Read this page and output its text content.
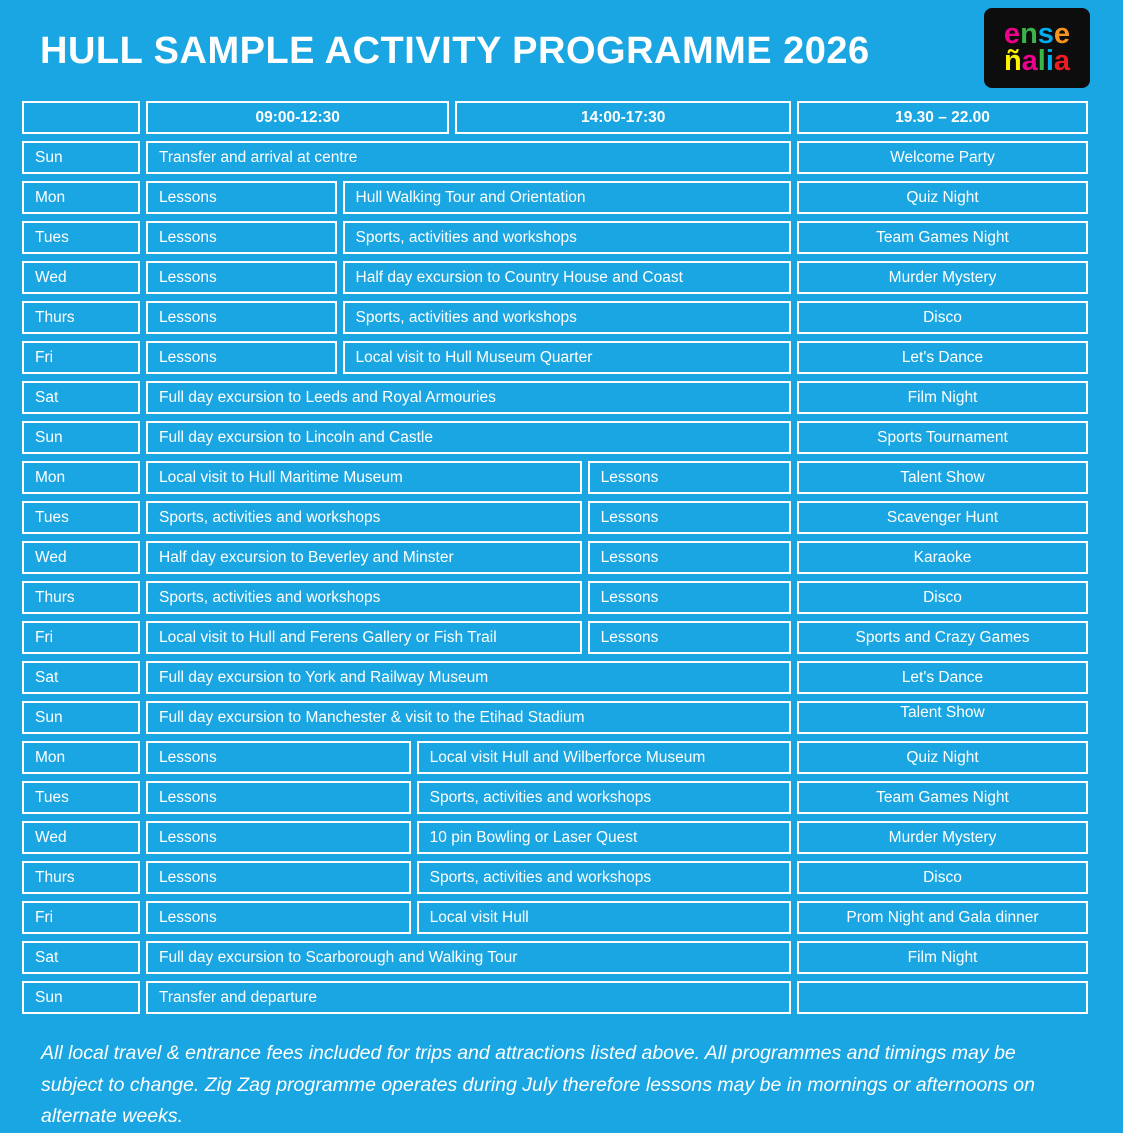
HULL SAMPLE ACTIVITY PROGRAMME 2026	ense
ñalia
09:00-12:30	14:00-17:30	19.30 – 22.00
Sun	Transfer and arrival at centre	Welcome Party
Mon	Lessons	Hull Walking Tour and Orientation	Quiz Night
Tues	Lessons	Sports, activities and workshops	Team Games Night
Wed	Lessons	Half day excursion to Country House and Coast	Murder Mystery
Thurs	Lessons	Sports, activities and workshops	Disco
Fri	Lessons	Local visit to Hull Museum Quarter	Let's Dance
Sat	Full day excursion to Leeds and Royal Armouries	Film Night
Sun	Full day excursion to Lincoln and Castle	Sports Tournament
Mon	Local visit to Hull Maritime Museum	Lessons	Talent Show
Tues	Sports, activities and workshops	Lessons	Scavenger Hunt
Wed	Half day excursion to Beverley and Minster	Lessons	Karaoke
Thurs	Sports, activities and workshops	Lessons	Disco
Fri	Local visit to Hull and Ferens Gallery or Fish Trail	Lessons	Sports and Crazy Games
Sat	Full day excursion to York and Railway Museum	Let's Dance
Sun	Full day excursion to Manchester & visit to the Etihad Stadium	Talent Show
Mon	Lessons	Local visit Hull and Wilberforce Museum	Quiz Night
Tues	Lessons	Sports, activities and workshops	Team Games Night
Wed	Lessons	10 pin Bowling or Laser Quest	Murder Mystery
Thurs	Lessons	Sports, activities and workshops	Disco
Fri	Lessons	Local visit Hull	Prom Night and Gala dinner
Sat	Full day excursion to Scarborough and Walking Tour	Film Night
Sun	Transfer and departure

All local travel & entrance fees included for trips and attractions listed above. All programmes and timings may be subject to change. Zig Zag programme operates during July therefore lessons may be in mornings or afternoons on alternate weeks.
